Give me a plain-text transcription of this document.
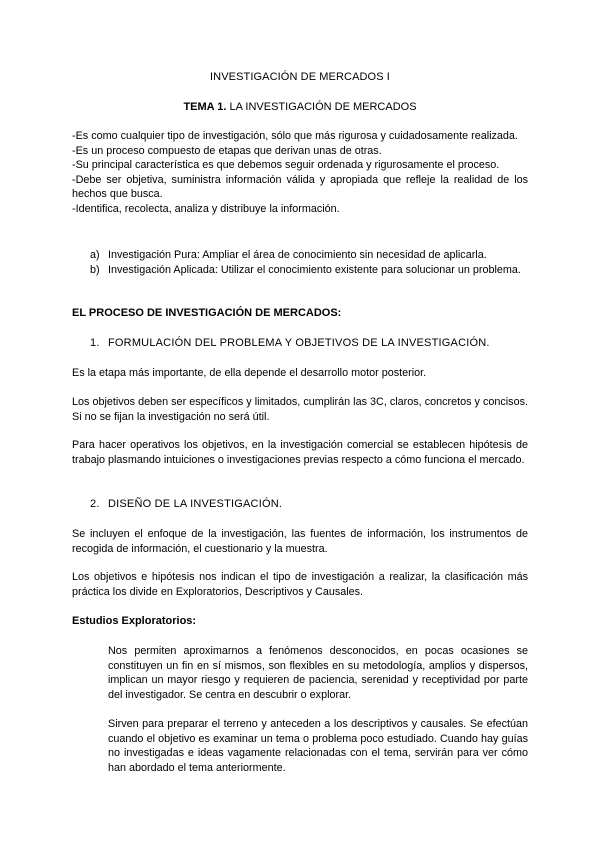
INVESTIGACIÓN DE MERCADOS I
TEMA 1. LA INVESTIGACIÓN DE MERCADOS

-Es como cualquier tipo de investigación, sólo que más rigurosa y cuidadosamente realizada.

-Es un proceso compuesto de etapas que derivan unas de otras.

-Su principal característica es que debemos seguir ordenada y rigurosamente el proceso.

-Debe ser objetiva, suministra información válida y apropiada que refleje la realidad de los hechos que busca.

-Identifica, recolecta, analiza y distribuye la información.

a) Investigación Pura: Ampliar el área de conocimiento sin necesidad de aplicarla.
b) Investigación Aplicada: Utilizar el conocimiento existente para solucionar un problema.
EL PROCESO DE INVESTIGACIÓN DE MERCADOS:
1. FORMULACIÓN DEL PROBLEMA Y OBJETIVOS DE LA INVESTIGACIÓN.

Es la etapa más importante, de ella depende el desarrollo motor posterior.

Los objetivos deben ser específicos y limitados, cumplirán las 3C, claros, concretos y concisos. Si no se fijan la investigación no será útil.

Para hacer operativos los objetivos, en la investigación comercial se establecen hipótesis de trabajo plasmando intuiciones o investigaciones previas respecto a cómo funciona el mercado.

2. DISEÑO DE LA INVESTIGACIÓN.

Se incluyen el enfoque de la investigación, las fuentes de información, los instrumentos de recogida de información, el cuestionario y la muestra.

Los objetivos e hipótesis nos indican el tipo de investigación a realizar, la clasificación más práctica los divide en Exploratorios, Descriptivos y Causales.

Estudios Exploratorios:

Nos permiten aproximarnos a fenómenos desconocidos, en pocas ocasiones se constituyen un fin en sí mismos, son flexibles en su metodología, amplios y dispersos, implican un mayor riesgo y requieren de paciencia, serenidad y receptividad por parte del investigador. Se centra en descubrir o explorar.

Sirven para preparar el terreno y anteceden a los descriptivos y causales. Se efectúan cuando el objetivo es examinar un tema o problema poco estudiado. Cuando hay guías no investigadas e ideas vagamente relacionadas con el tema, servirán para ver cómo han abordado el tema anteriormente.
